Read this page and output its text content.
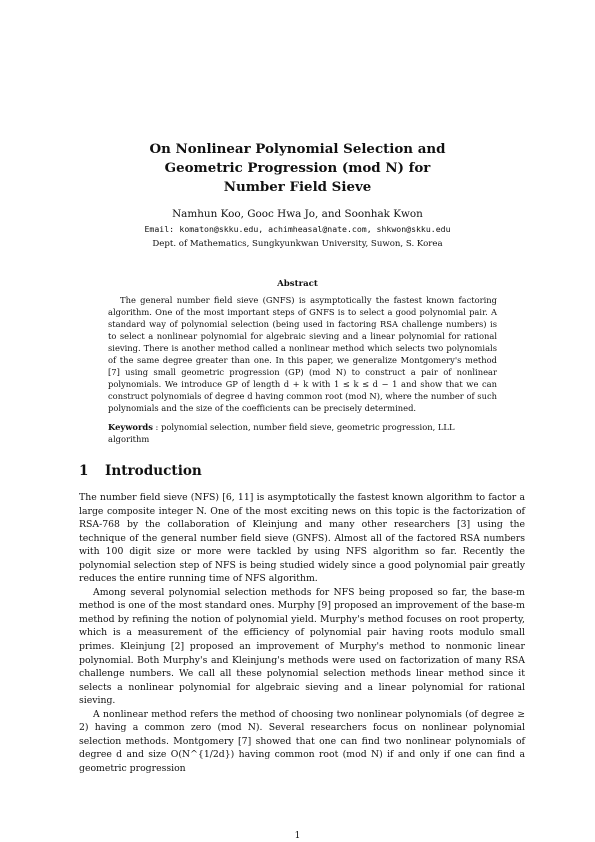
On Nonlinear Polynomial Selection and
Geometric Progression (mod N) for
Number Field Sieve
Namhun Koo, Gooc Hwa Jo, and Soonhak Kwon
Email: komaton@skku.edu, achimheasal@nate.com, shkwon@skku.edu
Dept. of Mathematics, Sungkyunkwan University, Suwon, S. Korea
Abstract

The general number field sieve (GNFS) is asymptotically the fastest known factoring algorithm. One of the most important steps of GNFS is to select a good polynomial pair. A standard way of polynomial selection (being used in factoring RSA challenge numbers) is to select a nonlinear polynomial for algebraic sieving and a linear polynomial for rational sieving. There is another method called a nonlinear method which selects two polynomials of the same degree greater than one. In this paper, we generalize Montgomery's method [7] using small geometric progression (GP) (mod N) to construct a pair of nonlinear polynomials. We introduce GP of length d + k with 1 ≤ k ≤ d − 1 and show that we can construct polynomials of degree d having common root (mod N), where the number of such polynomials and the size of the coefficients can be precisely determined.

Keywords : polynomial selection, number field sieve, geometric progression, LLL algorithm
1 Introduction

The number field sieve (NFS) [6, 11] is asymptotically the fastest known algorithm to factor a large composite integer N. One of the most exciting news on this topic is the factorization of RSA-768 by the collaboration of Kleinjung and many other researchers [3] using the technique of the general number field sieve (GNFS). Almost all of the factored RSA numbers with 100 digit size or more were tackled by using NFS algorithm so far. Recently the polynomial selection step of NFS is being studied widely since a good polynomial pair greatly reduces the entire running time of NFS algorithm.

Among several polynomial selection methods for NFS being proposed so far, the base-m method is one of the most standard ones. Murphy [9] proposed an improvement of the base-m method by refining the notion of polynomial yield. Murphy's method focuses on root property, which is a measurement of the efficiency of polynomial pair having roots modulo small primes. Kleinjung [2] proposed an improvement of Murphy's method to nonmonic linear polynomial. Both Murphy's and Kleinjung's methods were used on factorization of many RSA challenge numbers. We call all these polynomial selection methods linear method since it selects a nonlinear polynomial for algebraic sieving and a linear polynomial for rational sieving.

A nonlinear method refers the method of choosing two nonlinear polynomials (of degree ≥ 2) having a common zero (mod N). Several researchers focus on nonlinear polynomial selection methods. Montgomery [7] showed that one can find two nonlinear polynomials of degree d and size O(N^{1/2d}) having common root (mod N) if and only if one can find a geometric progression

1
